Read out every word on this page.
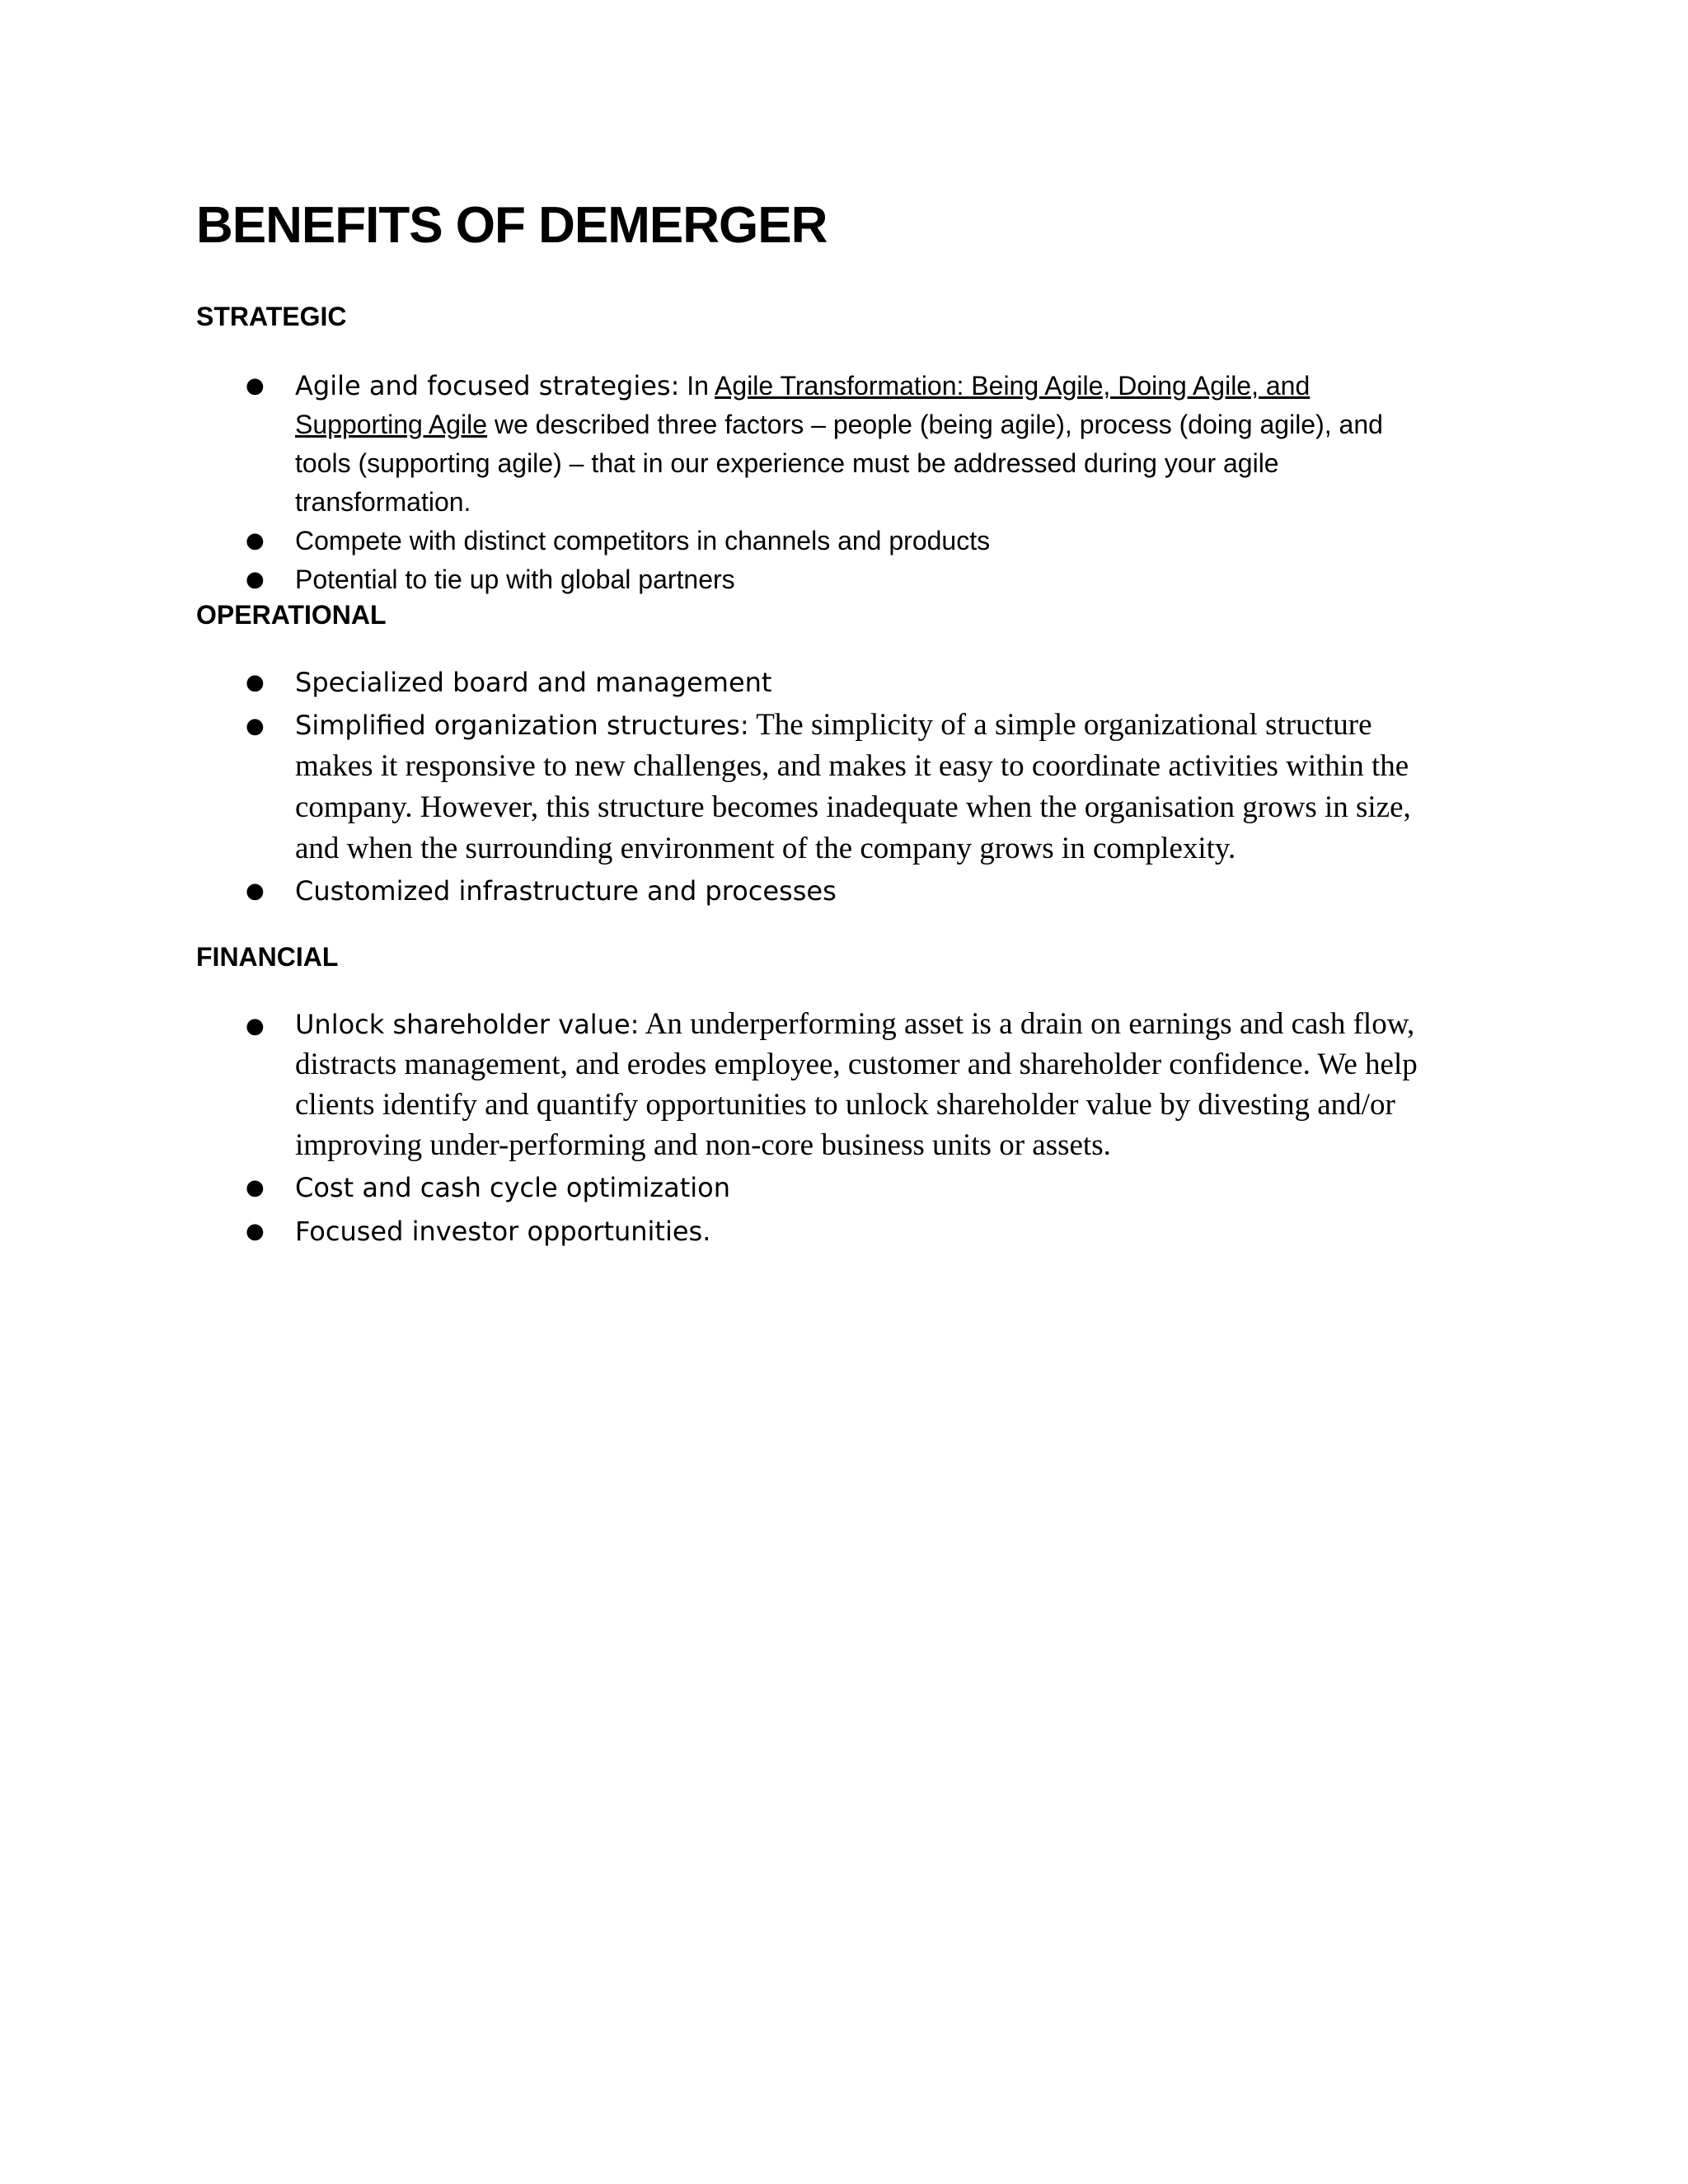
BENEFITS OF DEMERGER
STRATEGIC
● Agile and focused strategies: In Agile Transformation: Being Agile, Doing Agile, and Supporting Agile we described three factors – people (being agile), process (doing agile), and tools (supporting agile) – that in our experience must be addressed during your agile transformation.
● Compete with distinct competitors in channels and products
● Potential to tie up with global partners
OPERATIONAL
● Specialized board and management
● Simplified organization structures: The simplicity of a simple organizational structure makes it responsive to new challenges, and makes it easy to coordinate activities within the company. However, this structure becomes inadequate when the organisation grows in size, and when the surrounding environment of the company grows in complexity.
● Customized infrastructure and processes
FINANCIAL
● Unlock shareholder value: An underperforming asset is a drain on earnings and cash flow, distracts management, and erodes employee, customer and shareholder confidence. We help clients identify and quantify opportunities to unlock shareholder value by divesting and/or improving under-performing and non-core business units or assets.
● Cost and cash cycle optimization
● Focused investor opportunities.
